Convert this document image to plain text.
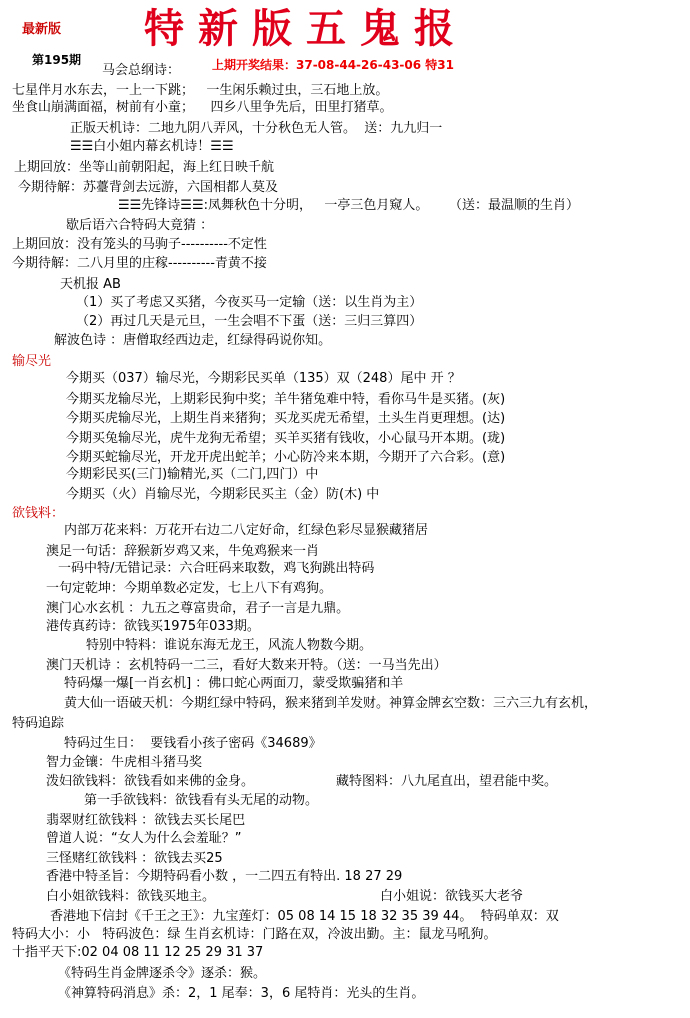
最新版 特新版五鬼报
第195期	上期开奖结果：37-08-44-26-43-06 特31
马会总纲诗：
七星伴月水东去，一上一下跳；   一生闲乐赖过虫，三石地上放。
坐食山崩满面福，树前有小童；    四乡八里争先后，田里打猪草。
正版天机诗：二地九阴八弄风，十分秋色无人管。  送：九九归一
☰☰白小姐内幕玄机诗！☰☰
上期回放：坐等山前朝阳起，海上红日映千航
今期待解：苏薹背剑去远游，六国相都人莫及
☰☰先锋诗☰☰:凤舞秋色十分明，   一亭三色月窥人。     （送：最温顺的生肖）
歇后语六合特码大竟猜 ：
上期回放：没有笼头的马驹子----------不定性
今期待解：二八月里的庄稼----------青黄不接
天机报 AB
（1）买了考虑又买猪，今夜买马一定输（送：以生肖为主）
（2）再过几天是元旦，一生会唱不下蛋（送：三归三算四）
解波色诗 ：唐僧取经西边走，红绿得码说你知。
输尽光
今期买（037）输尽光，今期彩民买单（135）双（248）尾中 开 ？
今期买龙输尽光，上期彩民狗中奖；羊牛猪兔难中特，看你马牛是买猪。(灰)
今期买虎输尽光，上期生肖来猪狗；买龙买虎无希望，土头生肖更理想。(达)
今期买兔输尽光，虎牛龙狗无希望；买羊买猪有钱收，小心鼠马开本期。(珑)
今期买蛇输尽光，开龙开虎出蛇羊；小心防冷来本期，今期开了六合彩。(意)
今期彩民买(三门)输精光,买（二门,四门）中
今期买（火）肖输尽光，今期彩民买主（金）防(木) 中
欲钱料：
内部万花来料：万花开右边二八定好命，红绿色彩尽显猴藏猪居
澳足一句话：辞猴新岁鸡又来，牛兔鸡猴来一肖
一码中特/无错记录：六合旺码来取数，鸡飞狗跳出特码
一句定乾坤：今期单数必定发，七上八下有鸡狗。
澳门心水玄机 ：九五之尊富贵命，君子一言是九鼎。
港传真药诗：欲钱买1975年033期。
特别中特料：谁说东海无龙王，风流人物数今期。
澳门天机诗 ：玄机特码一二三，看好大数来开特。（送：一马当先出）
特码爆一爆[一肖玄机] ：佛口蛇心两面刀，蒙受欺骗猪和羊
黄大仙一语破天机：今期红绿中特码，猴来猪到羊发财。神算金牌玄空数：三六三九有玄机，
特码追踪
特码过生日：  要钱看小孩子密码《34689》
智力金镶：牛虎相斗猪马奖
泼妇欲钱料：欲钱看如来佛的金身。	藏特图料：八九尾直出，望君能中奖。
第一手欲钱料：欲钱看有头无尾的动物。
翡翠财红欲钱料 ：欲钱去买长尾巴
曾道人说：“女人为什么会羞耻？”
三怪赌红欲钱料 ：欲钱去买25
香港中特圣旨：今期特码看小数 ，一二四五有特出. 18 27 29
白小姐欲钱料：欲钱买地主。	白小姐说：欲钱买大老爷
香港地下信封《千王之王》：九宝莲灯：05 08 14 15 18 32 35 39 44。  特码单双：双
特码大小：小   特码波色：绿 生肖玄机诗：门路在双，冷波出勤。主：鼠龙马吼狗。
十指平天下:02 04 08 11 12 25 29 31 37
《特码生肖金牌逐杀令》逐杀：猴。
《神算特码消息》杀：2，1 尾奉：3，6 尾特肖：光头的生肖。
